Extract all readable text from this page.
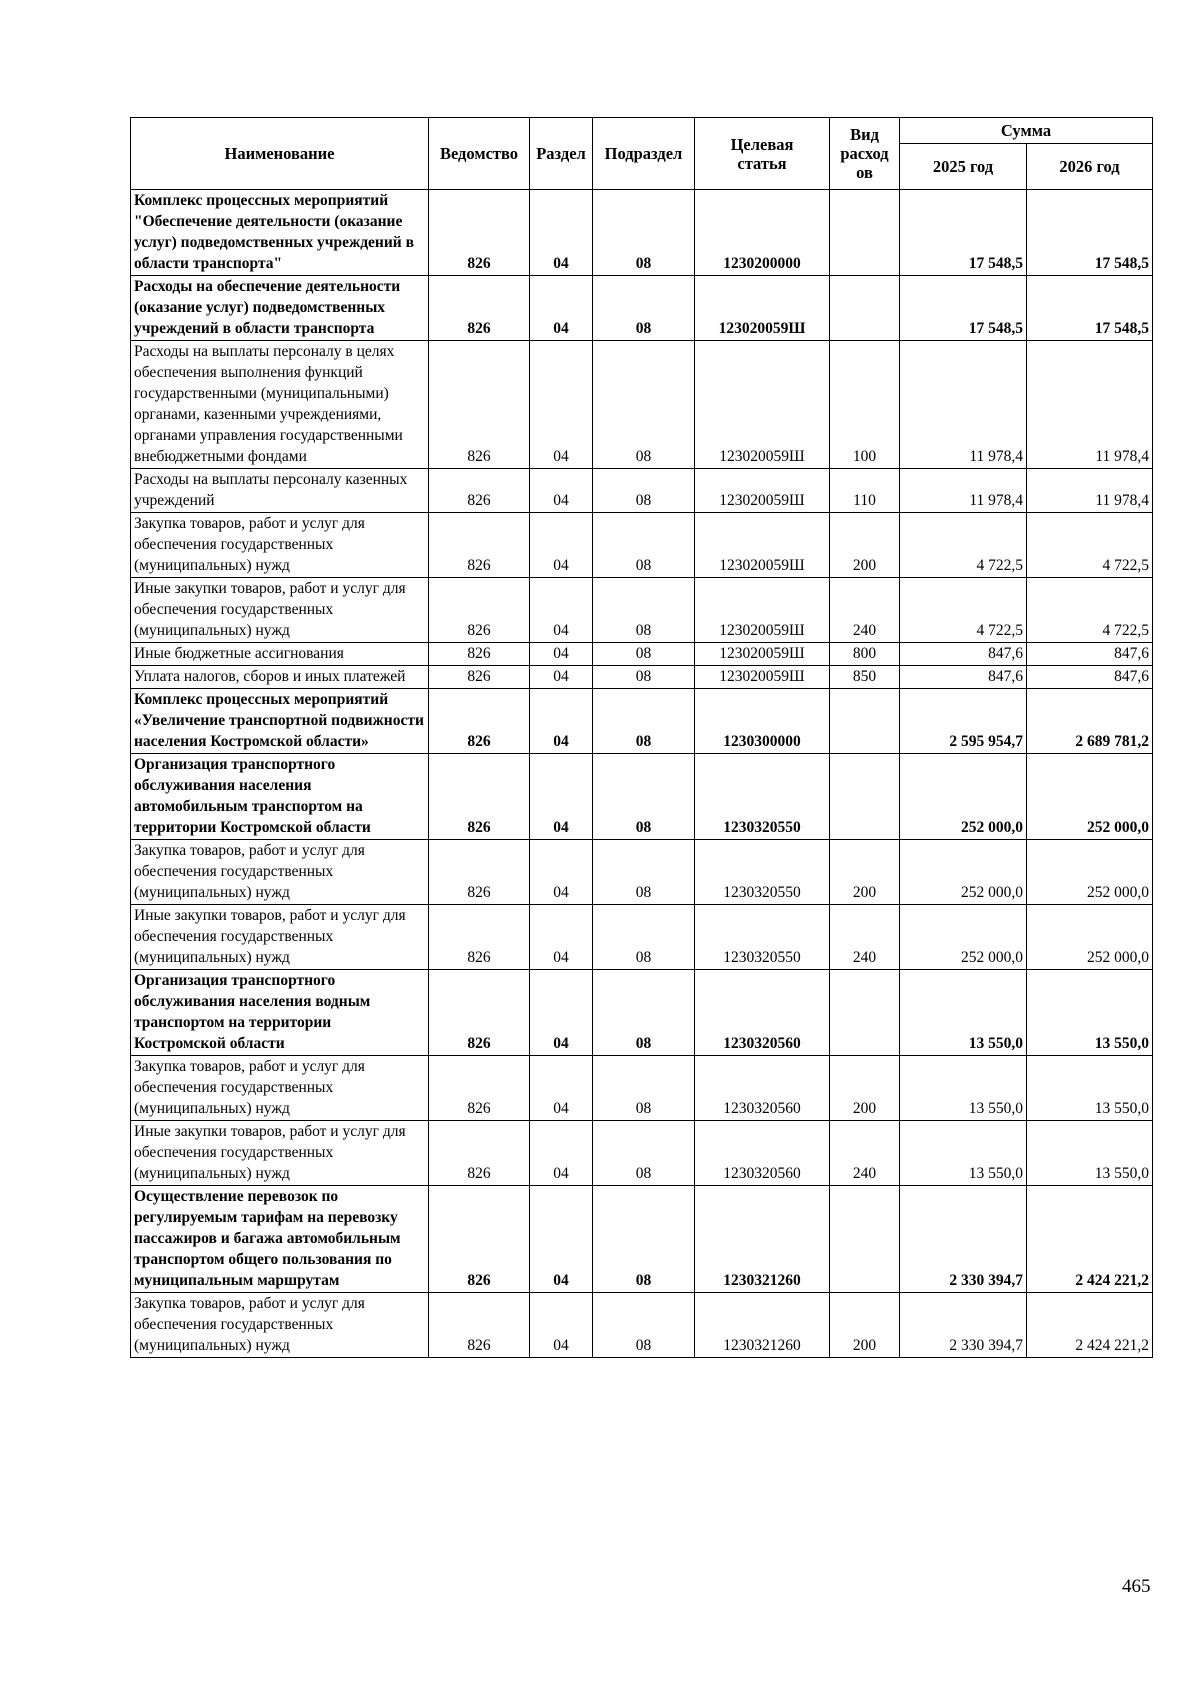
Наименование	Ведомство	Раздел	Подраздел	Целевая статья	Вид расход ов	Сумма	
						2025 год	2026 год
Комплекс процессных мероприятий "Обеспечение деятельности (оказание услуг) подведомственных учреждений в области транспорта"	826	04	08	1230200000		17 548,5	17 548,5
Расходы на обеспечение деятельности (оказание услуг) подведомственных учреждений в области транспорта	826	04	08	123020059Ш		17 548,5	17 548,5
Расходы на выплаты персоналу в целях обеспечения выполнения функций государственными (муниципальными) органами, казенными учреждениями, органами управления государственными внебюджетными фондами	826	04	08	123020059Ш	100	11 978,4	11 978,4
Расходы на выплаты персоналу казенных учреждений	826	04	08	123020059Ш	110	11 978,4	11 978,4
Закупка товаров, работ и услуг для обеспечения государственных (муниципальных) нужд	826	04	08	123020059Ш	200	4 722,5	4 722,5
Иные закупки товаров, работ и услуг для обеспечения государственных (муниципальных) нужд	826	04	08	123020059Ш	240	4 722,5	4 722,5
Иные бюджетные ассигнования	826	04	08	123020059Ш	800	847,6	847,6
Уплата налогов, сборов и иных платежей	826	04	08	123020059Ш	850	847,6	847,6
Комплекс процессных мероприятий «Увеличение транспортной подвижности населения Костромской области»	826	04	08	1230300000		2 595 954,7	2 689 781,2
Организация транспортного обслуживания населения автомобильным транспортом на территории Костромской области	826	04	08	1230320550		252 000,0	252 000,0
Закупка товаров, работ и услуг для обеспечения государственных (муниципальных) нужд	826	04	08	1230320550	200	252 000,0	252 000,0
Иные закупки товаров, работ и услуг для обеспечения государственных (муниципальных) нужд	826	04	08	1230320550	240	252 000,0	252 000,0
Организация транспортного обслуживания населения водным транспортом на территории Костромской области	826	04	08	1230320560		13 550,0	13 550,0
Закупка товаров, работ и услуг для обеспечения государственных (муниципальных) нужд	826	04	08	1230320560	200	13 550,0	13 550,0
Иные закупки товаров, работ и услуг для обеспечения государственных (муниципальных) нужд	826	04	08	1230320560	240	13 550,0	13 550,0
Осуществление перевозок по регулируемым тарифам на перевозку пассажиров и багажа автомобильным транспортом общего пользования по муниципальным маршрутам	826	04	08	1230321260		2 330 394,7	2 424 221,2
Закупка товаров, работ и услуг для обеспечения государственных (муниципальных) нужд	826	04	08	1230321260	200	2 330 394,7	2 424 221,2
465
